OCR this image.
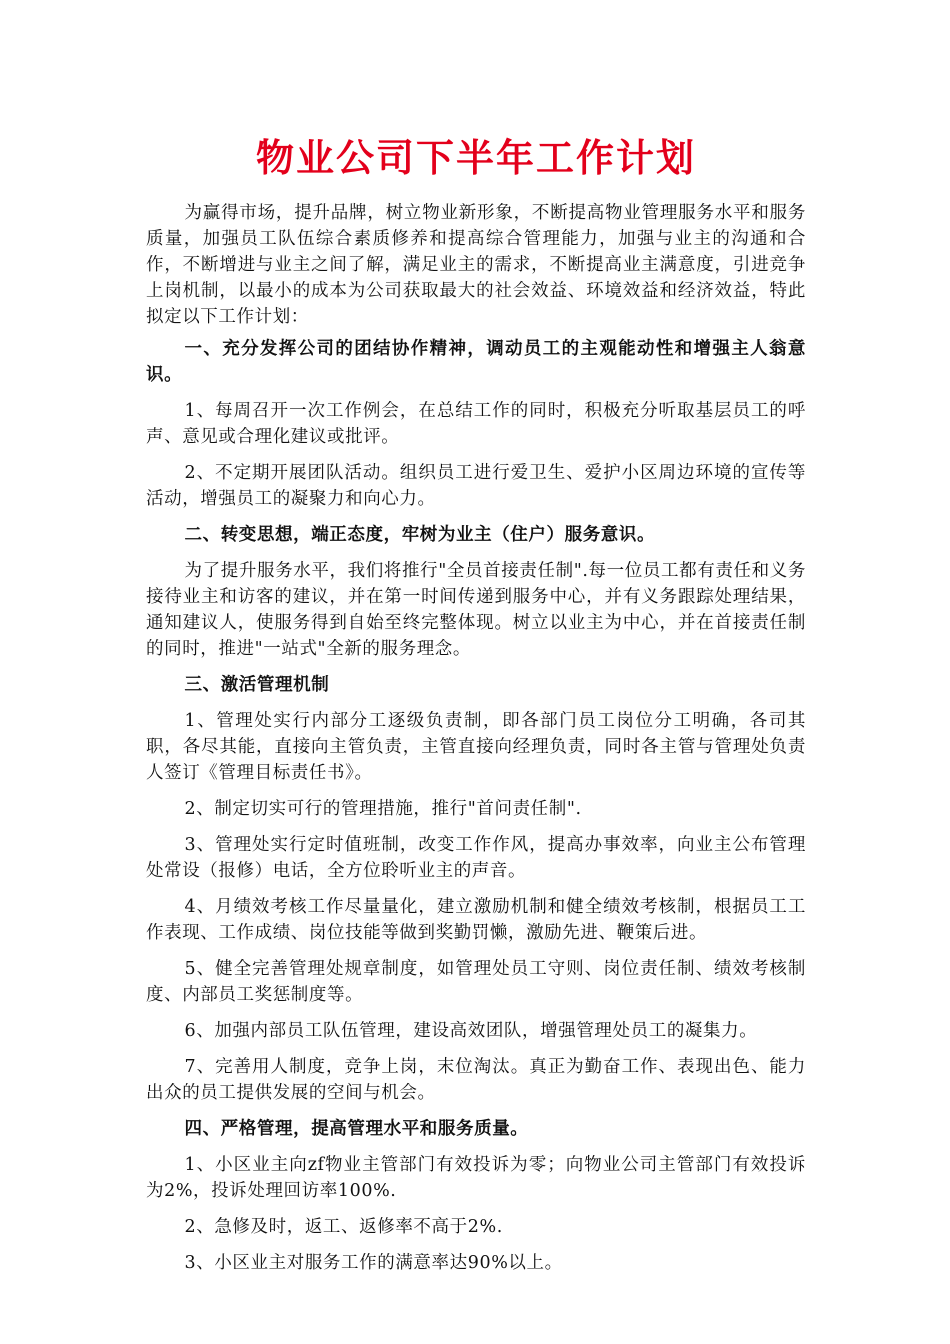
物业公司下半年工作计划

为赢得市场，提升品牌，树立物业新形象，不断提高物业管理服务水平和服务质量，加强员工队伍综合素质修养和提高综合管理能力，加强与业主的沟通和合作，不断增进与业主之间了解，满足业主的需求，不断提高业主满意度，引进竞争上岗机制，以最小的成本为公司获取最大的社会效益、环境效益和经济效益，特此拟定以下工作计划：

一、充分发挥公司的团结协作精神，调动员工的主观能动性和增强主人翁意识。

1、每周召开一次工作例会，在总结工作的同时，积极充分听取基层员工的呼声、意见或合理化建议或批评。

2、不定期开展团队活动。组织员工进行爱卫生、爱护小区周边环境的宣传等活动，增强员工的凝聚力和向心力。

二、转变思想，端正态度，牢树为业主（住户）服务意识。

为了提升服务水平，我们将推行"全员首接责任制".每一位员工都有责任和义务接待业主和访客的建议，并在第一时间传递到服务中心，并有义务跟踪处理结果，通知建议人，使服务得到自始至终完整体现。树立以业主为中心，并在首接责任制的同时，推进"一站式"全新的服务理念。

三、激活管理机制

1、管理处实行内部分工逐级负责制，即各部门员工岗位分工明确，各司其职，各尽其能，直接向主管负责，主管直接向经理负责，同时各主管与管理处负责人签订《管理目标责任书》。

2、制定切实可行的管理措施，推行"首问责任制".

3、管理处实行定时值班制，改变工作作风，提高办事效率，向业主公布管理处常设（报修）电话，全方位聆听业主的声音。

4、月绩效考核工作尽量量化，建立激励机制和健全绩效考核制，根据员工工作表现、工作成绩、岗位技能等做到奖勤罚懒，激励先进、鞭策后进。

5、健全完善管理处规章制度，如管理处员工守则、岗位责任制、绩效考核制度、内部员工奖惩制度等。

6、加强内部员工队伍管理，建设高效团队，增强管理处员工的凝集力。

7、完善用人制度，竞争上岗，末位淘汰。真正为勤奋工作、表现出色、能力出众的员工提供发展的空间与机会。

四、严格管理，提高管理水平和服务质量。

1、小区业主向zf物业主管部门有效投诉为零；向物业公司主管部门有效投诉为2%，投诉处理回访率100%.

2、急修及时，返工、返修率不高于2%.

3、小区业主对服务工作的满意率达90%以上。
